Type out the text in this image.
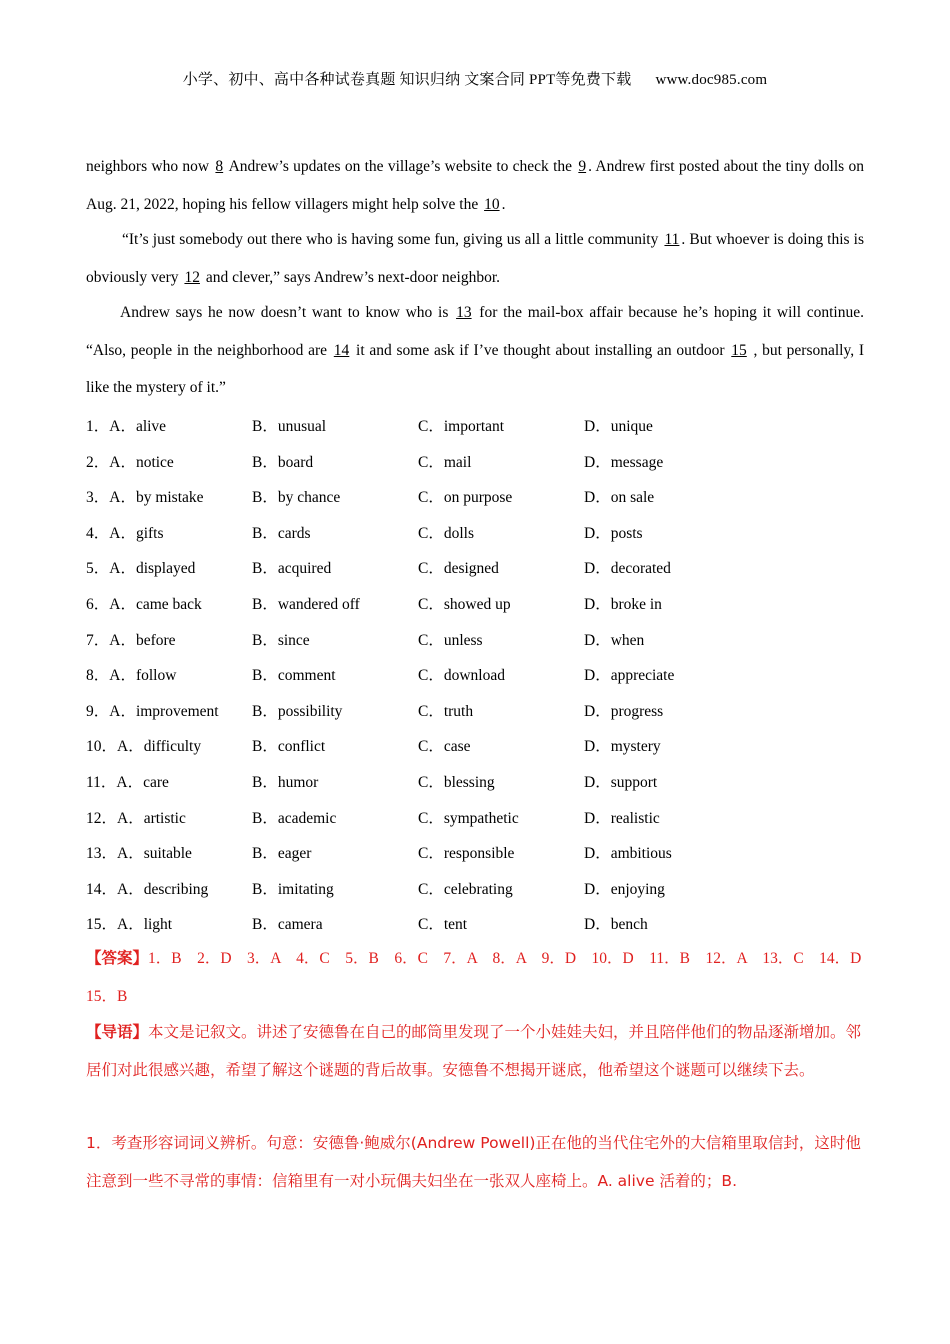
小学、初中、高中各种试卷真题 知识归纳 文案合同 PPT等免费下载 www.doc985.com
neighbors who now 8 Andrew’s updates on the village’s website to check the 9 . Andrew first posted about the tiny dolls on Aug. 21, 2022, hoping his fellow villagers might help solve the 10 .
“It’s just somebody out there who is having some fun, giving us all a little community 11 . But whoever is doing this is obviously very 12 and clever,” says Andrew’s next-door neighbor.
Andrew says he now doesn’t want to know who is 13 for the mail-box affair because he’s hoping it will continue. “Also, people in the neighborhood are 14 it and some ask if I’ve thought about installing an outdoor 15 , but personally, I like the mystery of it.”
1．A．alive	B．unusual	C．important	D．unique
2．A．notice	B．board	C．mail	D．message
3．A．by mistake	B．by chance	C．on purpose	D．on sale
4．A．gifts	B．cards	C．dolls	D．posts
5．A．displayed	B．acquired	C．designed	D．decorated
6．A．came back	B．wandered off	C．showed up	D．broke in
7．A．before	B．since	C．unless	D．when
8．A．follow	B．comment	C．download	D．appreciate
9．A．improvement B．possibility	C．truth	D．progress
10．A．difficulty	B．conflict	C．case	D．mystery
11．A．care	B．humor	C．blessing	D．support
12．A．artistic	B．academic	C．sympathetic	D．realistic
13．A．suitable	B．eager	C．responsible	D．ambitious
14．A．describing	B．imitating	C．celebrating	D．enjoying
15．A．light	B．camera	C．tent	D．bench
【答案】1．B　2．D　3．A　4．C　5．B　6．C　7．A　8．A　9．D　10．D　11．B　12．A　13．C　14．D　15．B
【导语】本文是记叙文。讲述了安德鲁在自己的邮筒里发现了一个小娃娃夫妇，并且陪伴他们的物品逐渐增加。邻居们对此很感兴趣，希望了解这个谜题的背后故事。安德鲁不想揭开谜底，他希望这个谜题可以继续下去。
1．考查形容词词义辨析。句意：安德鲁·鲍威尔(Andrew Powell)正在他的当代住宅外的大信箱里取信封，这时他注意到一些不寻常的事情：信箱里有一对小玩偶夫妇坐在一张双人座椅上。A. alive 活着的；B.
